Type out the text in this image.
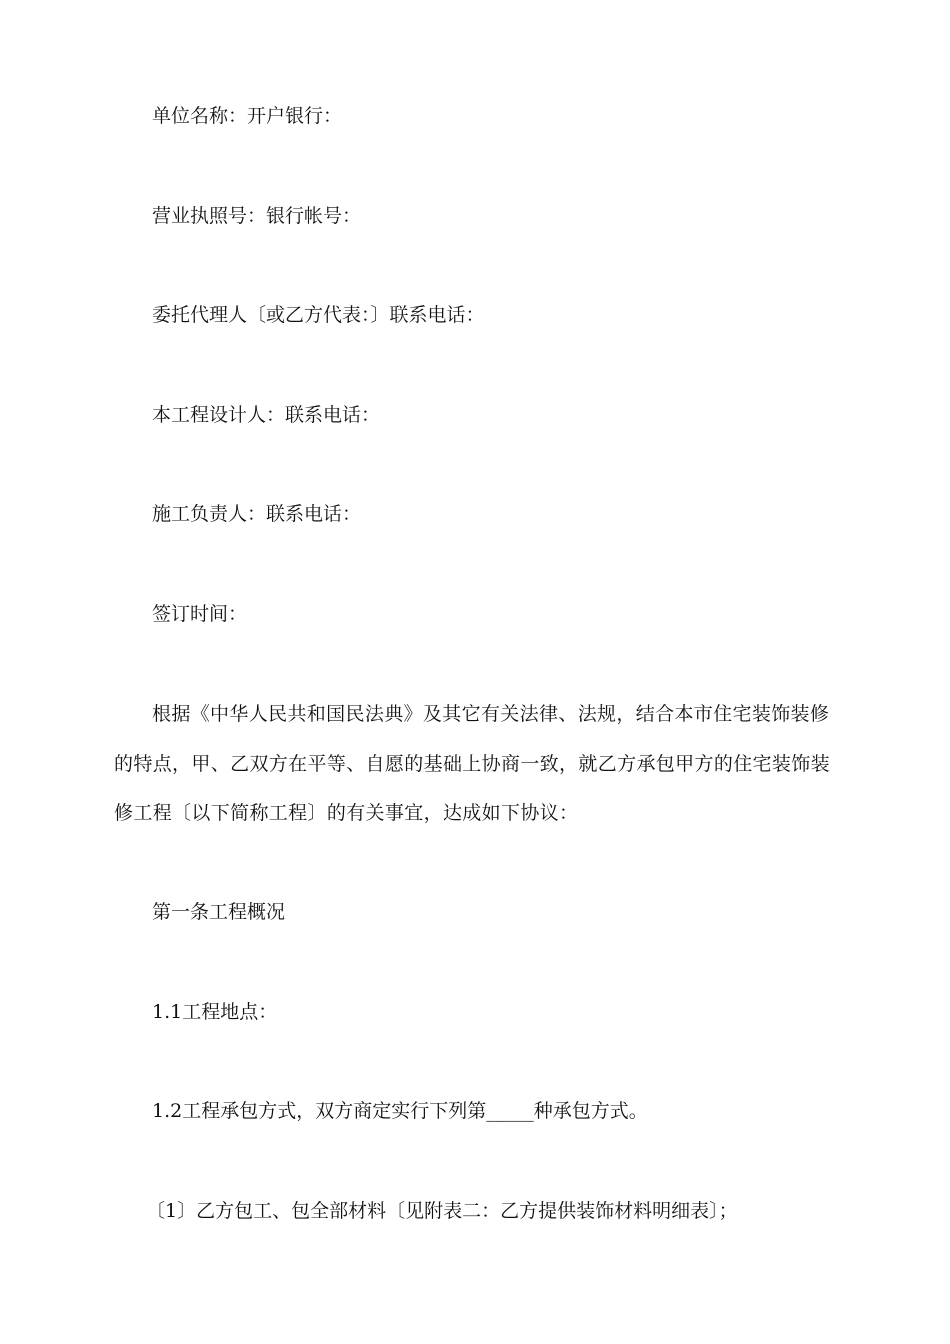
单位名称：开户银行：
营业执照号：银行帐号：
委托代理人〔或乙方代表：〕联系电话：
本工程设计人：联系电话：
施工负责人：联系电话：
签订时间：
根据《中华人民共和国民法典》及其它有关法律、法规，结合本市住宅装饰装修
的特点，甲、乙双方在平等、自愿的基础上协商一致，就乙方承包甲方的住宅装饰装
修工程〔以下简称工程〕的有关事宜，达成如下协议：
第一条工程概况
1.1工程地点：
1.2工程承包方式，双方商定实行下列第_____种承包方式。
〔1〕乙方包工、包全部材料〔见附表二：乙方提供装饰材料明细表〕；
